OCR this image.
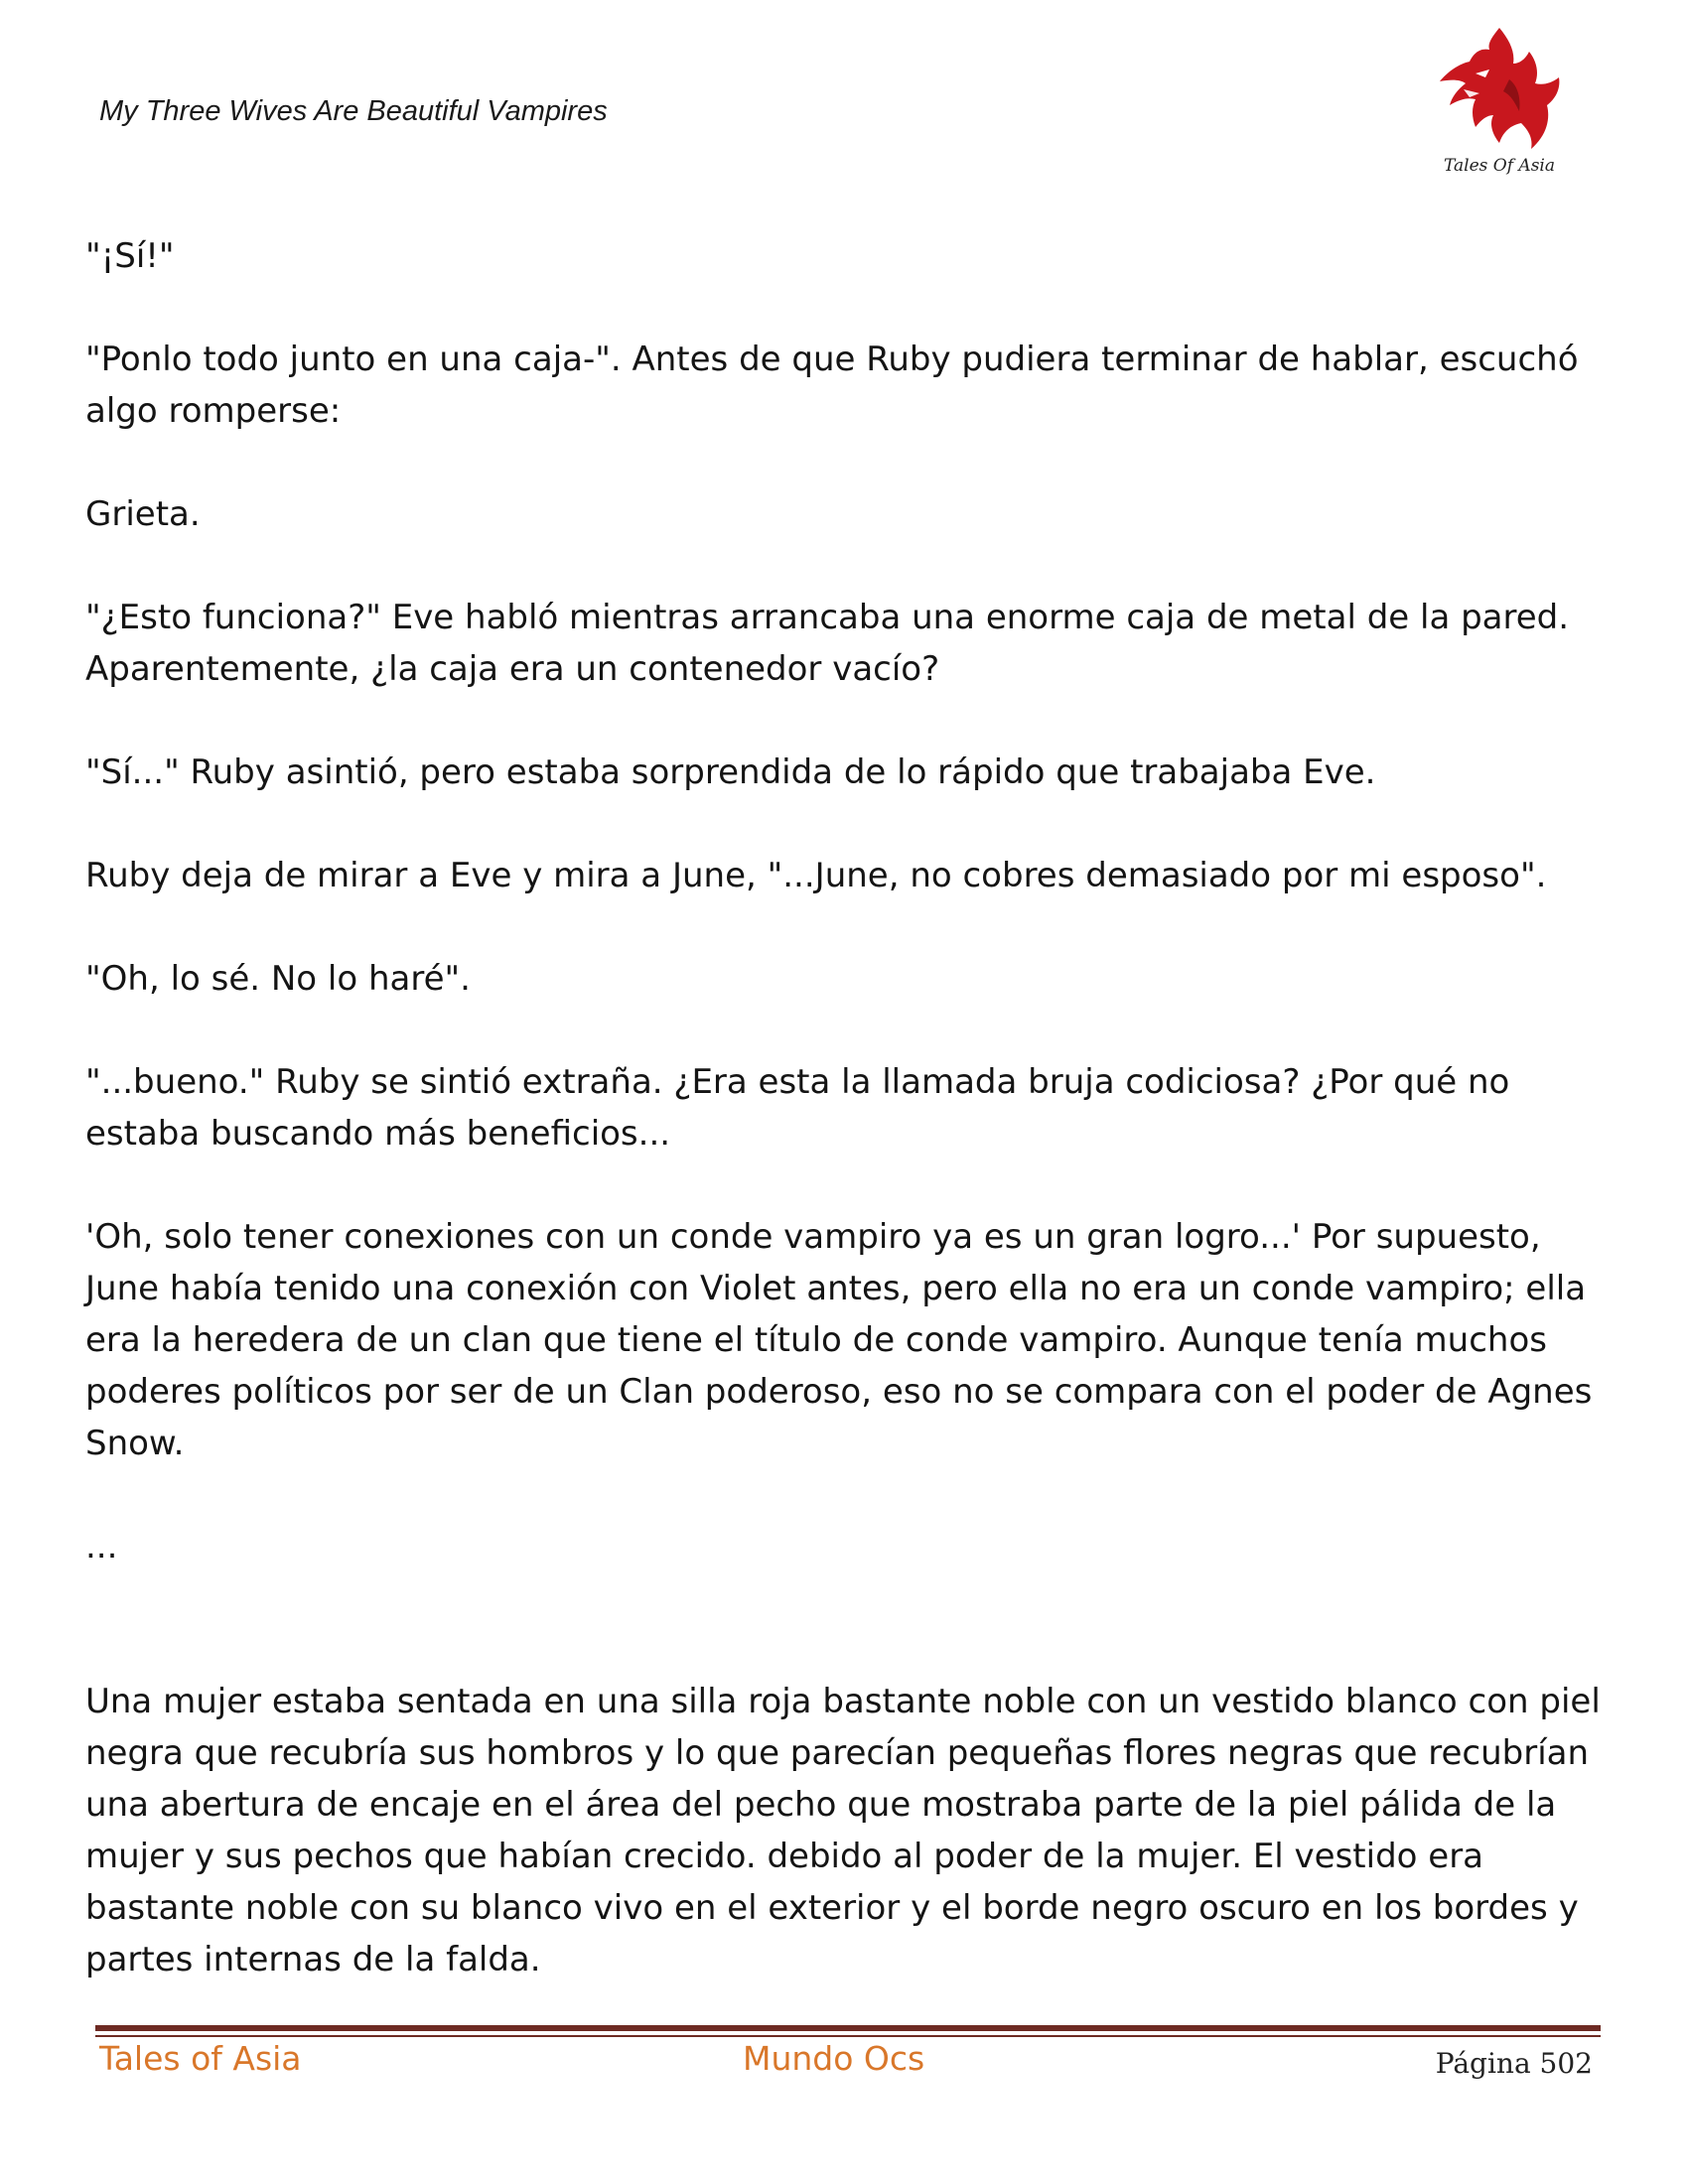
My Three Wives Are Beautiful Vampires
Tales Of Asia

"¡Sí!"

"Ponlo todo junto en una caja-". Antes de que Ruby pudiera terminar de hablar, escuchó algo romperse:

Grieta.

"¿Esto funciona?" Eve habló mientras arrancaba una enorme caja de metal de la pared. Aparentemente, ¿la caja era un contenedor vacío?

"Sí..." Ruby asintió, pero estaba sorprendida de lo rápido que trabajaba Eve.

Ruby deja de mirar a Eve y mira a June, "...June, no cobres demasiado por mi esposo".

"Oh, lo sé. No lo haré".

"...bueno." Ruby se sintió extraña. ¿Era esta la llamada bruja codiciosa? ¿Por qué no estaba buscando más beneficios...

'Oh, solo tener conexiones con un conde vampiro ya es un gran logro...' Por supuesto, June había tenido una conexión con Violet antes, pero ella no era un conde vampiro; ella era la heredera de un clan que tiene el título de conde vampiro. Aunque tenía muchos poderes políticos por ser de un Clan poderoso, eso no se compara con el poder de Agnes Snow.

...

Una mujer estaba sentada en una silla roja bastante noble con un vestido blanco con piel negra que recubría sus hombros y lo que parecían pequeñas flores negras que recubrían una abertura de encaje en el área del pecho que mostraba parte de la piel pálida de la mujer y sus pechos que habían crecido. debido al poder de la mujer. El vestido era bastante noble con su blanco vivo en el exterior y el borde negro oscuro en los bordes y partes internas de la falda.

Tales of Asia	Mundo Ocs	Página 502
